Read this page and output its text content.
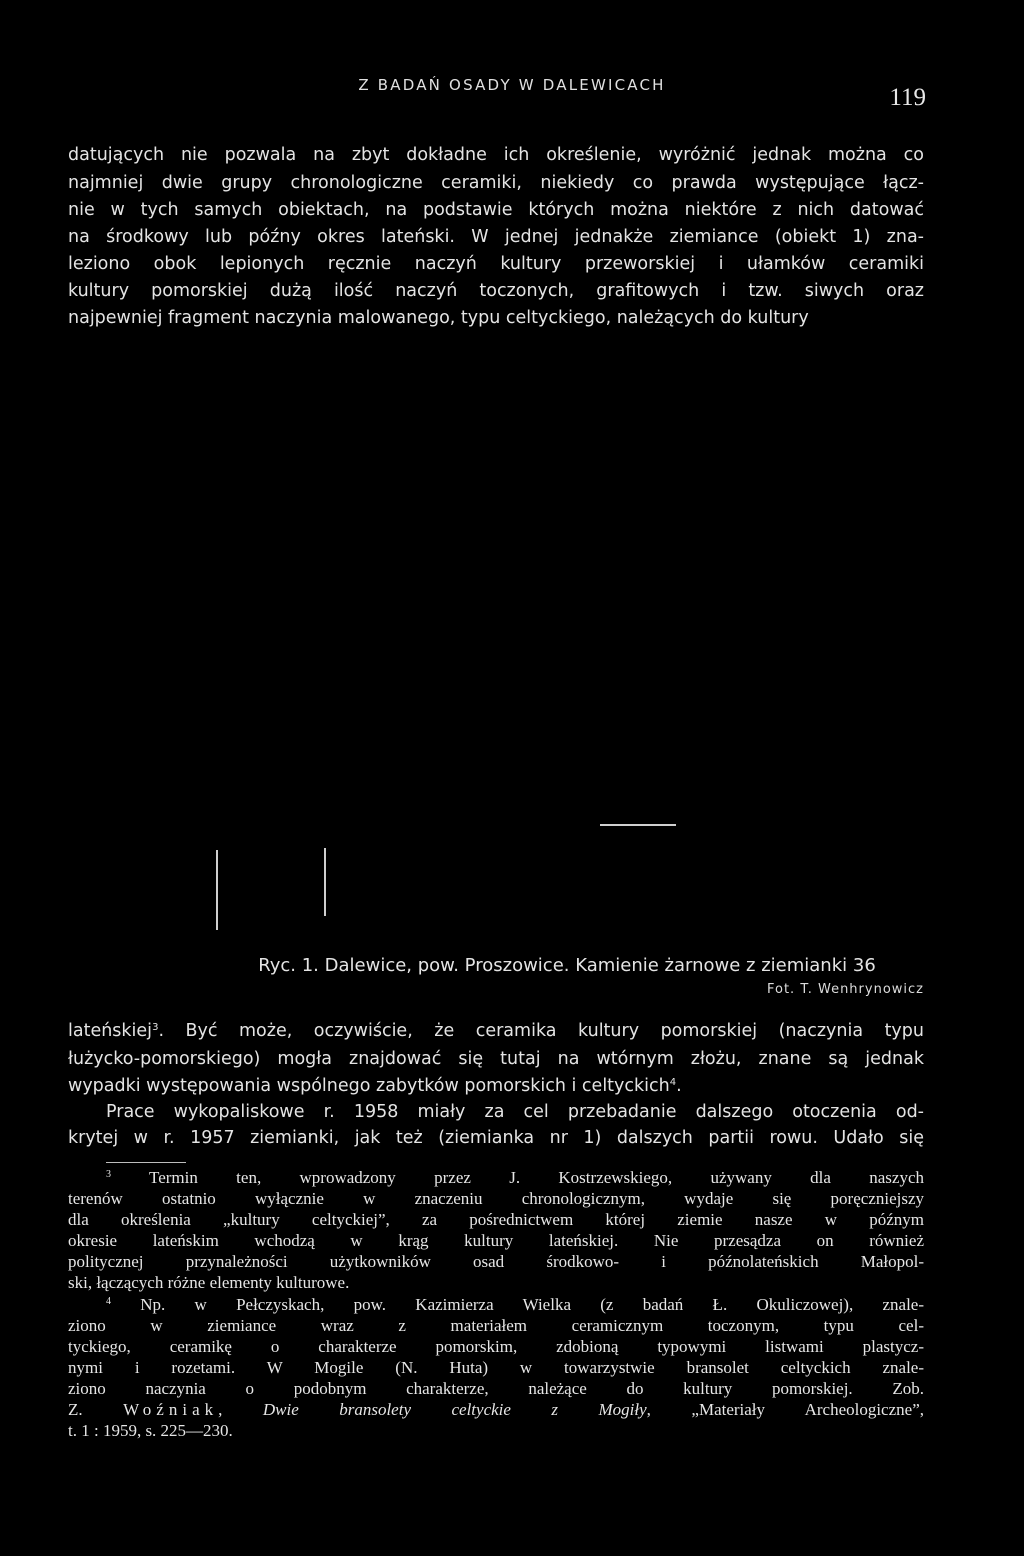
Z BADAŃ OSADY W DALEWICACH	119
datujących nie pozwala na zbyt dokładne ich określenie, wyróżnić jednak można co
najmniej dwie grupy chronologiczne ceramiki, niekiedy co prawda występujące łącz-
nie w tych samych obiektach, na podstawie których można niektóre z nich datować
na środkowy lub późny okres lateński. W jednej jednakże ziemiance (obiekt 1) zna-
leziono obok lepionych ręcznie naczyń kultury przeworskiej i ułamków ceramiki
kultury pomorskiej dużą ilość naczyń toczonych, grafitowych i tzw. siwych oraz
najpewniej fragment naczynia malowanego, typu celtyckiego, należących do kultury
Ryc. 1. Dalewice, pow. Proszowice. Kamienie żarnowe z ziemianki 36
Fot. T. Wenhrynowicz
lateńskiej$^3$. Być może, oczywiście, że ceramika kultury pomorskiej (naczynia typu
łużycko-pomorskiego) mogła znajdować się tutaj na wtórnym złożu, znane są jednak
wypadki występowania wspólnego zabytków pomorskich i celtyckich$^4$.
Prace wykopaliskowe r. 1958 miały za cel przebadanie dalszego otoczenia od-
krytej w r. 1957 ziemianki, jak też (ziemianka nr 1) dalszych partii rowu. Udało się
$^3$ Termin ten, wprowadzony przez J. Kostrzewskiego, używany dla naszych
terenów ostatnio wyłącznie w znaczeniu chronologicznym, wydaje się poręczniejszy
dla określenia „kultury celtyckiej”, za pośrednictwem której ziemie nasze w późnym
okresie lateńskim wchodzą w krąg kultury lateńskiej. Nie przesądza on również
politycznej przynależności użytkowników osad środkowo- i późnolateńskich Małopol-
ski, łączących różne elementy kulturowe.
$^4$ Np. w Pełczyskach, pow. Kazimierza Wielka (z badań Ł. Okuliczowej), znale-
ziono w ziemiance wraz z materiałem ceramicznym toczonym, typu cel-
tyckiego, ceramikę o charakterze pomorskim, zdobioną typowymi listwami plastycz-
nymi i rozetami. W Mogile (N. Huta) w towarzystwie bransolet celtyckich znale-
ziono naczynia o podobnym charakterze, należące do kultury pomorskiej. Zob.
Z. Woźniak, Dwie bransolety celtyckie z Mogiły, „Materiały Archeologiczne”,
t. 1 : 1959, s. 225—230.
